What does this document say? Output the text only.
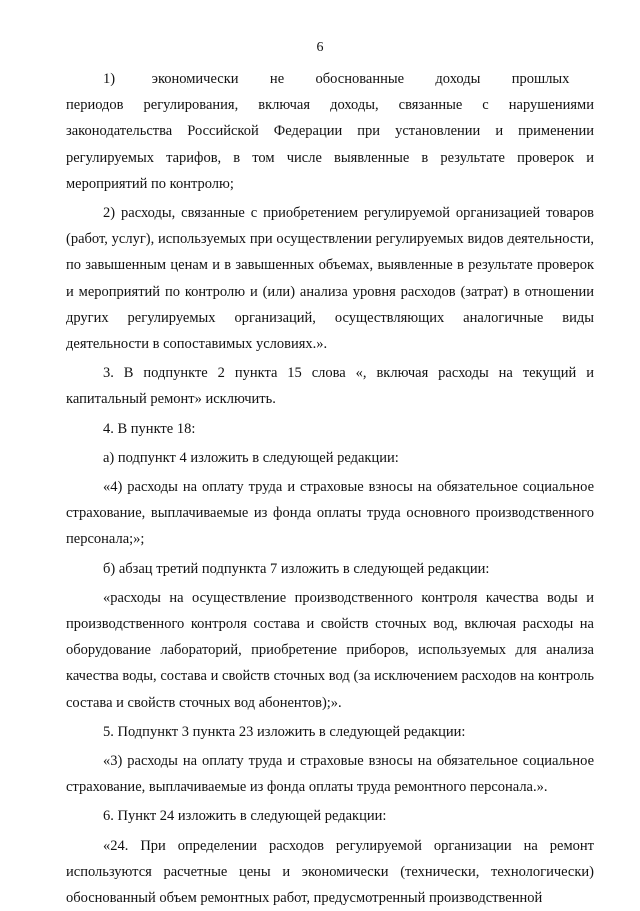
6

1)       экономически      не      обоснованные      доходы      прошлых      периодов регулирования, включая доходы, связанные с нарушениями законодательства Российской Федерации при установлении и применении регулируемых тарифов, в том числе выявленные в результате проверок и мероприятий по контролю;

2) расходы, связанные с приобретением регулируемой организацией товаров (работ, услуг), используемых при осуществлении регулируемых видов деятельности, по завышенным ценам и в завышенных объемах, выявленные в результате проверок и мероприятий по контролю и (или) анализа уровня расходов (затрат) в отношении других регулируемых организаций, осуществляющих аналогичные виды деятельности в сопоставимых условиях.».

3. В подпункте 2 пункта 15 слова «, включая расходы на текущий и капитальный ремонт» исключить.

4. В пункте 18:

а) подпункт 4 изложить в следующей редакции:

«4) расходы на оплату труда и страховые взносы на обязательное социальное страхование, выплачиваемые из фонда оплаты труда основного производственного персонала;»;

б) абзац третий подпункта 7 изложить в следующей редакции:

«расходы на осуществление производственного контроля качества воды и производственного контроля состава и свойств сточных вод, включая расходы на оборудование лабораторий, приобретение приборов, используемых для анализа качества воды, состава и свойств сточных вод (за исключением расходов на контроль состава и свойств сточных вод абонентов);».

5. Подпункт 3 пункта 23 изложить в следующей редакции:

«3) расходы на оплату труда и страховые взносы на обязательное социальное страхование, выплачиваемые из фонда оплаты труда ремонтного персонала.».

6. Пункт 24 изложить в следующей редакции:

«24. При определении расходов регулируемой организации на ремонт используются расчетные цены и экономически (технически, технологически) обоснованный объем ремонтных работ, предусмотренный производственной
